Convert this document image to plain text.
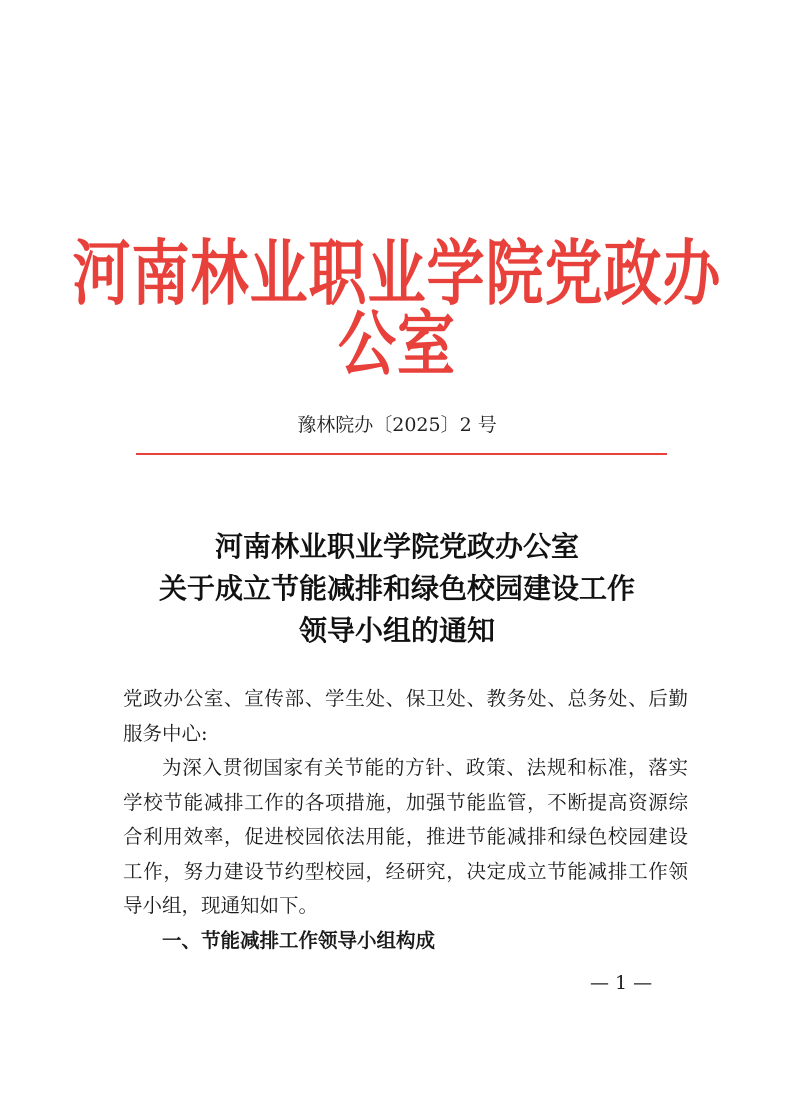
河南林业职业学院党政办公室
豫林院办〔2025〕2 号
河南林业职业学院党政办公室
关于成立节能减排和绿色校园建设工作
领导小组的通知

党政办公室、宣传部、学生处、保卫处、教务处、总务处、后勤服务中心:

为深入贯彻国家有关节能的方针、政策、法规和标准，落实学校节能减排工作的各项措施，加强节能监管，不断提高资源综合利用效率，促进校园依法用能，推进节能减排和绿色校园建设工作，努力建设节约型校园，经研究，决定成立节能减排工作领导小组，现通知如下。

一、节能减排工作领导小组构成

— 1 —
